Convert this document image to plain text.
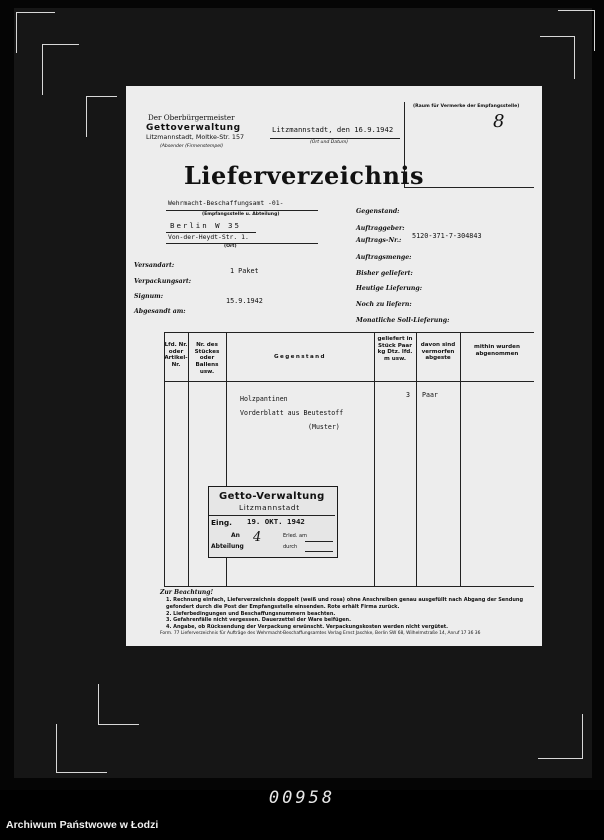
Der Oberbürgermeister
Gettoverwaltung
Litzmannstadt, Moltke-Str. 157
(Absender (Firmenstempel)
Litzmannstadt, den 16.9.1942
(Ort und Datum)
(Raum für Vermerke der Empfangsstelle)
8
Lieferverzeichnis
Wehrmacht-Beschaffungsamt -01-
(Empfangsstelle u. Abteilung)
Berlin W 35
Von-der-Heydt-Str. 1.
(Ort)
Gegenstand:
Auftraggeber:
Auftrags-Nr.:
5120-371-7-304843
Auftragsmenge:
Bisher geliefert:
Heutige Lieferung:
Noch zu liefern:
Monatliche Soll-Lieferung:
Versandart:
Verpackungsart:
1 Paket
Signum:
Abgesandt am:
15.9.1942
Lfd. Nr. oder Artikel-Nr.
Nr. des Stückes oder Ballens usw.
Gegenstand
geliefert in Stück Paar kg Dtz. lfd. m usw.
davon sind vermorfen abgeste
mithin wurden abgenommen
Holzpantinen
Vorderblatt aus Beutestoff
(Muster)
3 Paar
Getto-Verwaltung
Litzmannstadt
Eing. 19. OKT. 1942
An
Abteilung
4	Erled. am
durch
Zur Beachtung!
1. Rechnung einfach, Lieferverzeichnis doppelt (weiß und rosa) ohne Anschreiben genau ausgefüllt nach Abgang der Sendung gefondert durch die Post der Empfangsstelle einsenden. Rote erhält Firma zurück.
2. Lieferbedingungen und Beschaffungsnummern beachten.
3. Gefahrenfälle nicht vergessen. Dauerzettel der Ware beifügen.
4. Angabe, ob Rücksendung der Verpackung erwünscht. Verpackungskosten werden nicht vergütet.
Form. 77 Lieferverzeichnis für Aufträge des Wehrmacht-Beschaffungsamtes Verlag Ernst Jaschke, Berlin SW 68, Wilhelmstraße 14, Anruf 17 36 36
00958
Archiwum Państwowe w Łodzi
